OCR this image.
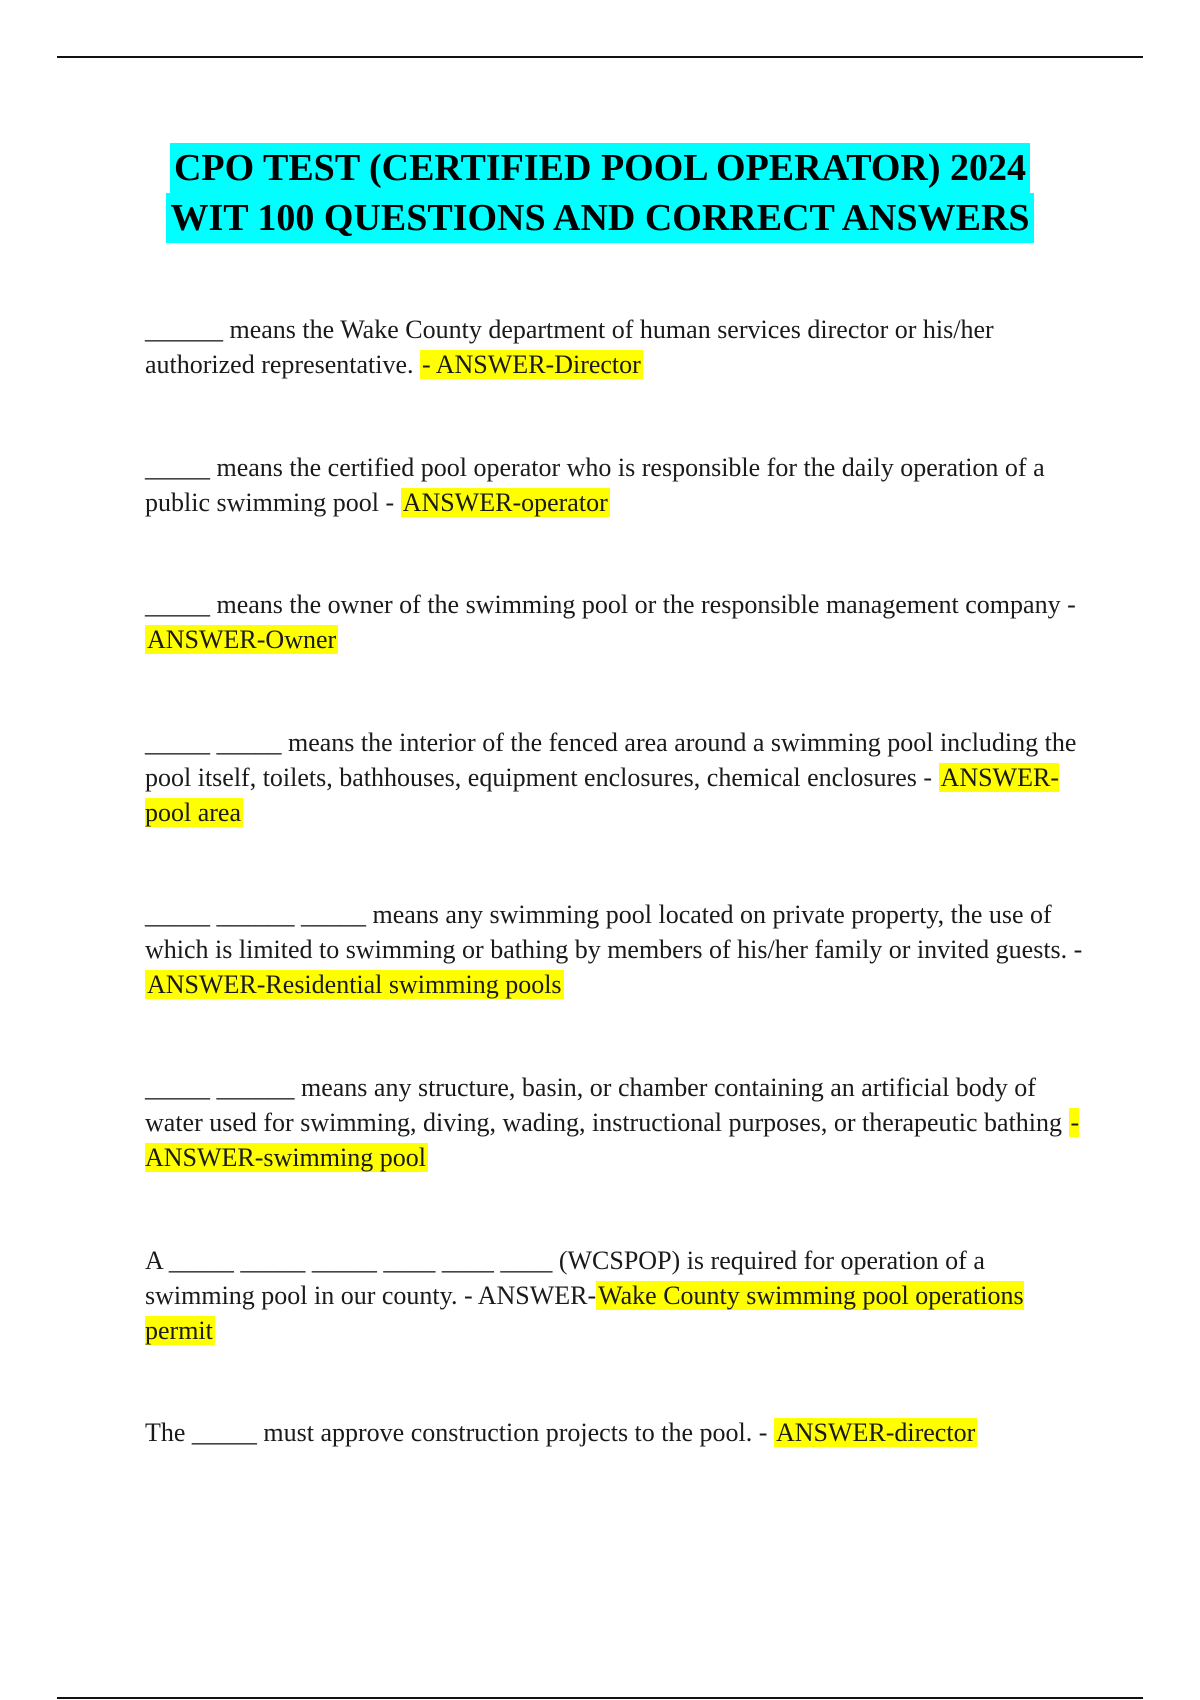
CPO TEST (CERTIFIED POOL OPERATOR) 2024
WIT 100 QUESTIONS AND CORRECT ANSWERS

______ means the Wake County department of human services director or his/her authorized representative. - ANSWER-Director

_____ means the certified pool operator who is responsible for the daily operation of a public swimming pool - ANSWER-operator

_____ means the owner of the swimming pool or the responsible management company - ANSWER-Owner

_____ _____ means the interior of the fenced area around a swimming pool including the pool itself, toilets, bathhouses, equipment enclosures, chemical enclosures - ANSWER-pool area

_____ ______ _____ means any swimming pool located on private property, the use of which is limited to swimming or bathing by members of his/her family or invited guests. - ANSWER-Residential swimming pools

_____ ______ means any structure, basin, or chamber containing an artificial body of water used for swimming, diving, wading, instructional purposes, or therapeutic bathing - ANSWER-swimming pool

A _____ _____ _____ ____ ____ ____ (WCSPOP) is required for operation of a swimming pool in our county. - ANSWER-Wake County swimming pool operations permit

The _____ must approve construction projects to the pool. - ANSWER-director
